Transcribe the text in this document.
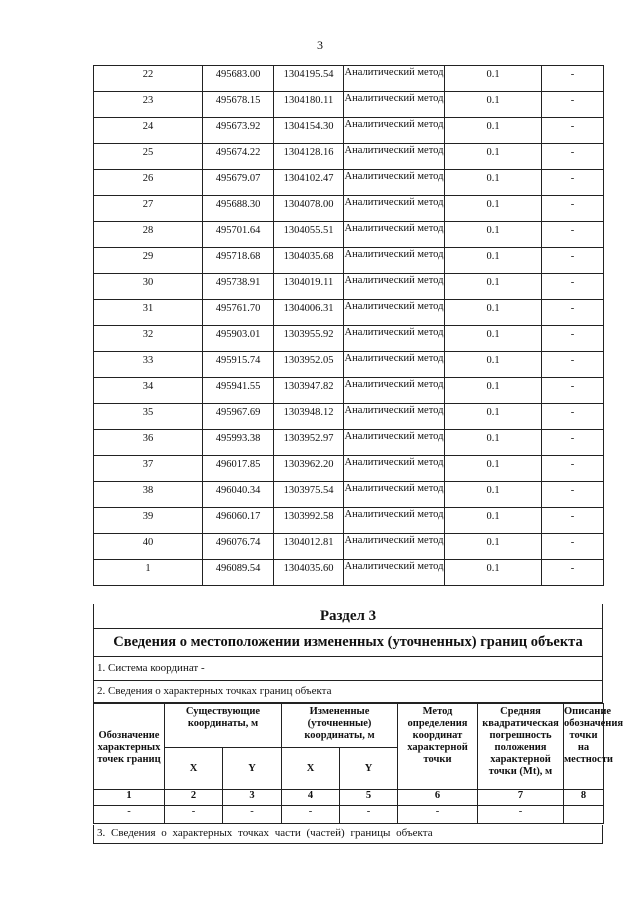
3
22	495683.00	1304195.54	Аналитический метод	0.1	-
23	495678.15	1304180.11	Аналитический метод	0.1	-
24	495673.92	1304154.30	Аналитический метод	0.1	-
25	495674.22	1304128.16	Аналитический метод	0.1	-
26	495679.07	1304102.47	Аналитический метод	0.1	-
27	495688.30	1304078.00	Аналитический метод	0.1	-
28	495701.64	1304055.51	Аналитический метод	0.1	-
29	495718.68	1304035.68	Аналитический метод	0.1	-
30	495738.91	1304019.11	Аналитический метод	0.1	-
31	495761.70	1304006.31	Аналитический метод	0.1	-
32	495903.01	1303955.92	Аналитический метод	0.1	-
33	495915.74	1303952.05	Аналитический метод	0.1	-
34	495941.55	1303947.82	Аналитический метод	0.1	-
35	495967.69	1303948.12	Аналитический метод	0.1	-
36	495993.38	1303952.97	Аналитический метод	0.1	-
37	496017.85	1303962.20	Аналитический метод	0.1	-
38	496040.34	1303975.54	Аналитический метод	0.1	-
39	496060.17	1303992.58	Аналитический метод	0.1	-
40	496076.74	1304012.81	Аналитический метод	0.1	-
1	496089.54	1304035.60	Аналитический метод	0.1	-
Раздел 3
Сведения о местоположении измененных (уточненных) границ объекта
1. Система координат -
2. Сведения о характерных точках границ объекта
Обозначение характерных точек границ	Существующие координаты, м		Измененные (уточненные) координаты, м		Метод определения координат характерной точки	Средняя квадратическая погрешность положения характерной точки (Mt), м	Описание обозначения точки на местности

	X	Y	X	Y			
1	2	3	4	5	6	7	8
-	-	-	-	-	-	-	
3. Сведения о характерных точках части (частей) границы объекта
